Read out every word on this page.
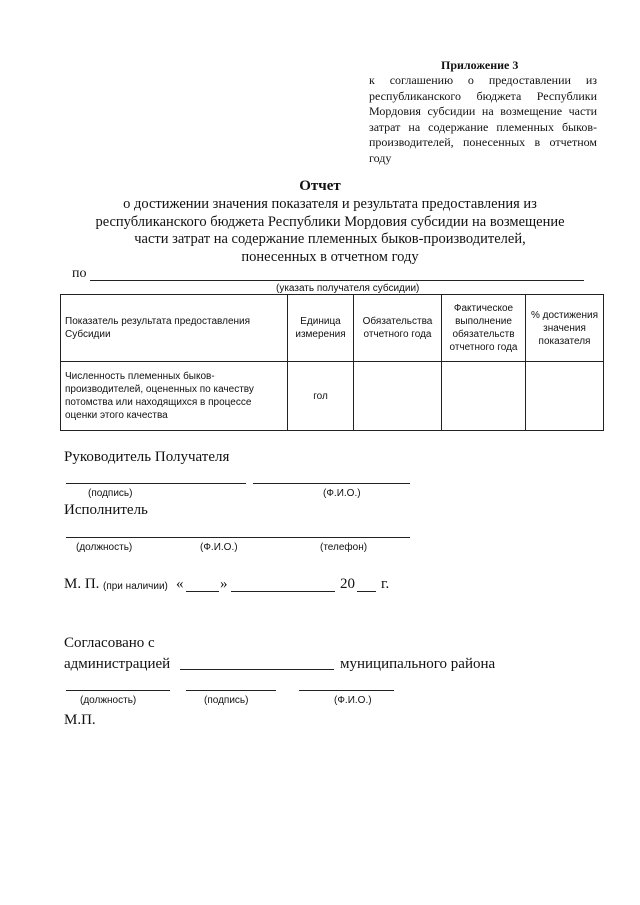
Приложение 3
к соглашению о предоставлении из республиканского бюджета Республики Мордовия субсидии на возмещение части затрат на содержание племенных быков-производителей, понесенных в отчетном году
Отчет
о достижении значения показателя и результата предоставления из
республиканского бюджета Республики Мордовия субсидии на возмещение
части затрат на содержание племенных быков-производителей,
понесенных в отчетном году
по
(указать получателя субсидии)
Показатель результата предоставления Субсидии	Единица измерения	Обязательства отчетного года	Фактическое выполнение обязательств отчетного года	% достижения значения показателя
Численность племенных быков-производителей, оцененных по качеству потомства или находящихся в процессе оценки этого качества	гол			
Руководитель Получателя
(подпись)	(Ф.И.О.)
Исполнитель
(должность)	(Ф.И.О.)	(телефон)
М. П. (при наличии) « »	20 г.
Согласовано с
администрацией	муниципального района
(должность)	(подпись)	(Ф.И.О.)
М.П.
